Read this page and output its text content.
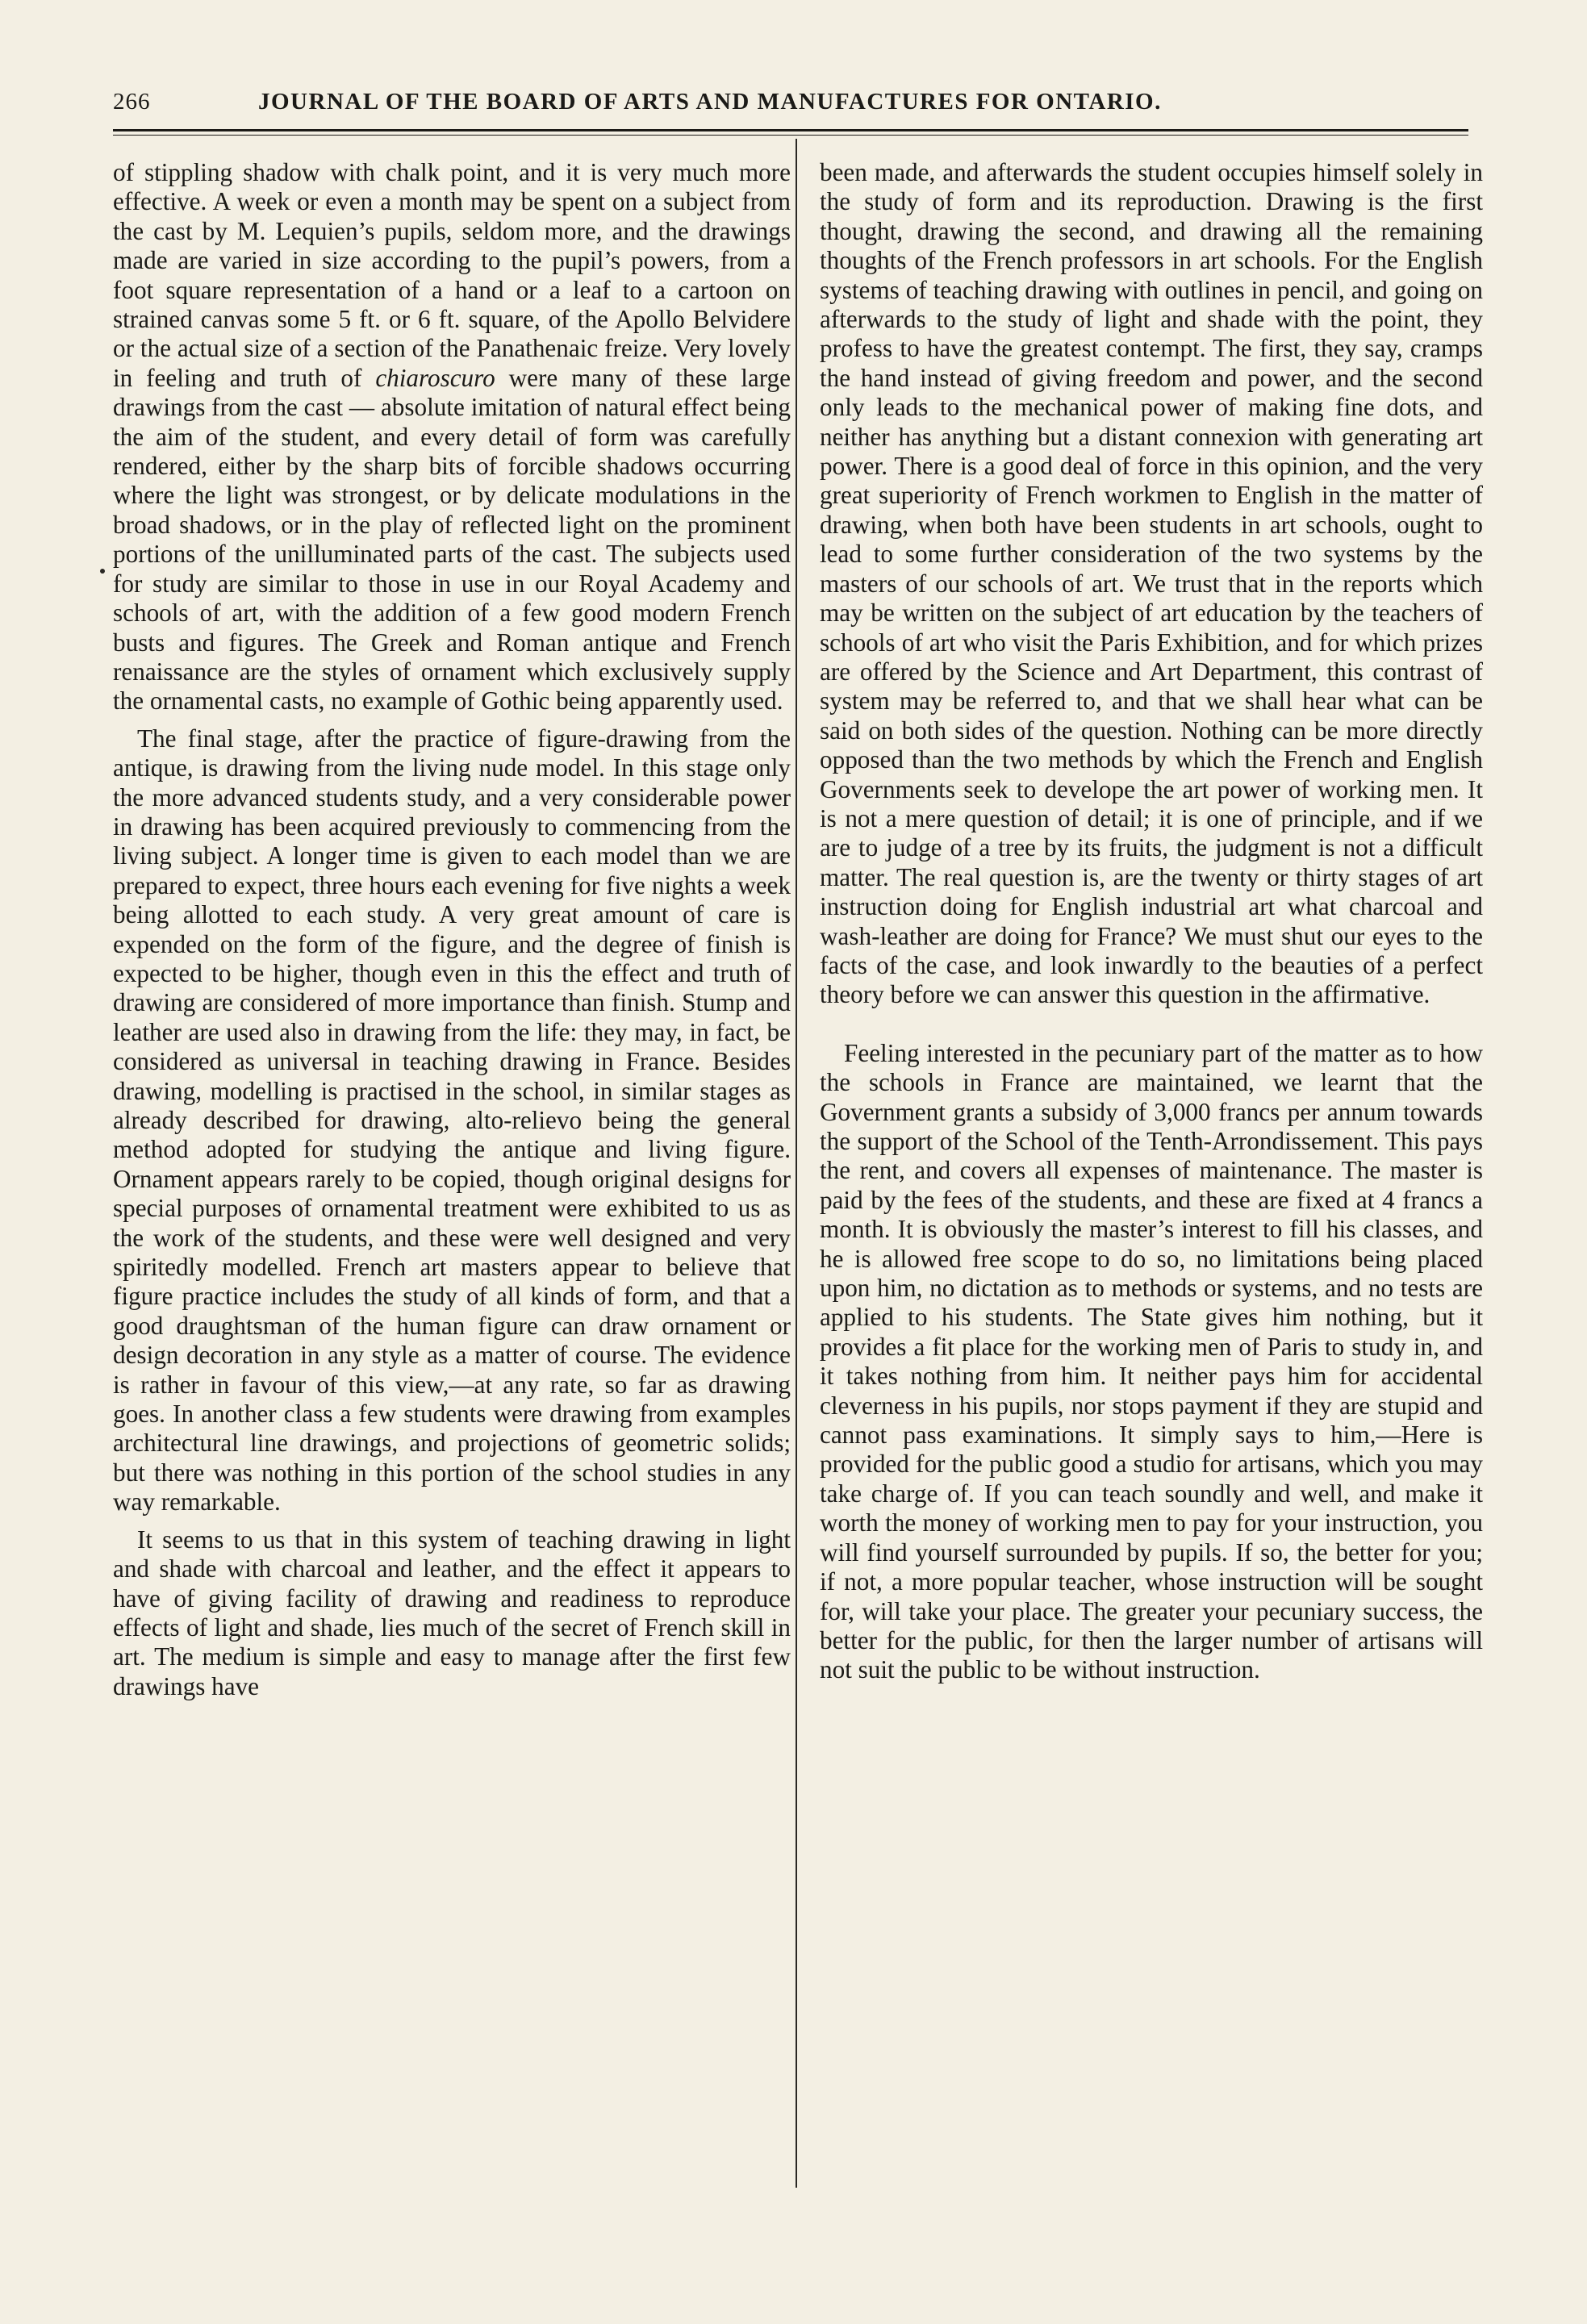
266	JOURNAL OF THE BOARD OF ARTS AND MANUFACTURES FOR ONTARIO.

of stippling shadow with chalk point, and it is very much more effective. A week or even a month may be spent on a subject from the cast by M. Lequien’s pupils, seldom more, and the drawings made are varied in size according to the pupil’s powers, from a foot square representation of a hand or a leaf to a cartoon on strained canvas some 5 ft. or 6 ft. square, of the Apollo Belvidere or the actual size of a section of the Panathenaic freize. Very lovely in feeling and truth of chiaroscuro were many of these large drawings from the cast — absolute imitation of natural effect being the aim of the student, and every detail of form was carefully rendered, either by the sharp bits of forcible shadows occurring where the light was strongest, or by delicate modulations in the broad shadows, or in the play of reflected light on the prominent portions of the unilluminated parts of the cast. The subjects used for study are similar to those in use in our Royal Academy and schools of art, with the addition of a few good modern French busts and figures. The Greek and Roman antique and French renaissance are the styles of ornament which exclusively supply the ornamental casts, no example of Gothic being apparently used.

The final stage, after the practice of figure-drawing from the antique, is drawing from the living nude model. In this stage only the more advanced students study, and a very considerable power in drawing has been acquired previously to commencing from the living subject. A longer time is given to each model than we are prepared to expect, three hours each evening for five nights a week being allotted to each study. A very great amount of care is expended on the form of the figure, and the degree of finish is expected to be higher, though even in this the effect and truth of drawing are considered of more importance than finish. Stump and leather are used also in drawing from the life: they may, in fact, be considered as universal in teaching drawing in France. Besides drawing, modelling is practised in the school, in similar stages as already described for drawing, alto-relievo being the general method adopted for studying the antique and living figure. Ornament appears rarely to be copied, though original designs for special purposes of ornamental treatment were exhibited to us as the work of the students, and these were well designed and very spiritedly modelled. French art masters appear to believe that figure practice includes the study of all kinds of form, and that a good draughtsman of the human figure can draw ornament or design decoration in any style as a matter of course. The evidence is rather in favour of this view,—at any rate, so far as drawing goes. In another class a few students were drawing from examples architectural line drawings, and projections of geometric solids; but there was nothing in this portion of the school studies in any way remarkable.

It seems to us that in this system of teaching drawing in light and shade with charcoal and leather, and the effect it appears to have of giving facility of drawing and readiness to reproduce effects of light and shade, lies much of the secret of French skill in art. The medium is simple and easy to manage after the first few drawings have

been made, and afterwards the student occupies himself solely in the study of form and its reproduction. Drawing is the first thought, drawing the second, and drawing all the remaining thoughts of the French professors in art schools. For the English systems of teaching drawing with outlines in pencil, and going on afterwards to the study of light and shade with the point, they profess to have the greatest contempt. The first, they say, cramps the hand instead of giving freedom and power, and the second only leads to the mechanical power of making fine dots, and neither has anything but a distant connexion with generating art power. There is a good deal of force in this opinion, and the very great superiority of French workmen to English in the matter of drawing, when both have been students in art schools, ought to lead to some further consideration of the two systems by the masters of our schools of art. We trust that in the reports which may be written on the subject of art education by the teachers of schools of art who visit the Paris Exhibition, and for which prizes are offered by the Science and Art Department, this contrast of system may be referred to, and that we shall hear what can be said on both sides of the question. Nothing can be more directly opposed than the two methods by which the French and English Governments seek to develope the art power of working men. It is not a mere question of detail; it is one of principle, and if we are to judge of a tree by its fruits, the judgment is not a difficult matter. The real question is, are the twenty or thirty stages of art instruction doing for English industrial art what charcoal and wash-leather are doing for France? We must shut our eyes to the facts of the case, and look inwardly to the beauties of a perfect theory before we can answer this question in the affirmative.

Feeling interested in the pecuniary part of the matter as to how the schools in France are maintained, we learnt that the Government grants a subsidy of 3,000 francs per annum towards the support of the School of the Tenth-Arrondissement. This pays the rent, and covers all expenses of maintenance. The master is paid by the fees of the students, and these are fixed at 4 francs a month. It is obviously the master’s interest to fill his classes, and he is allowed free scope to do so, no limitations being placed upon him, no dictation as to methods or systems, and no tests are applied to his students. The State gives him nothing, but it provides a fit place for the working men of Paris to study in, and it takes nothing from him. It neither pays him for accidental cleverness in his pupils, nor stops payment if they are stupid and cannot pass examinations. It simply says to him,—Here is provided for the public good a studio for artisans, which you may take charge of. If you can teach soundly and well, and make it worth the money of working men to pay for your instruction, you will find yourself surrounded by pupils. If so, the better for you; if not, a more popular teacher, whose instruction will be sought for, will take your place. The greater your pecuniary success, the better for the public, for then the larger number of artisans will not suit the public to be without instruction.
